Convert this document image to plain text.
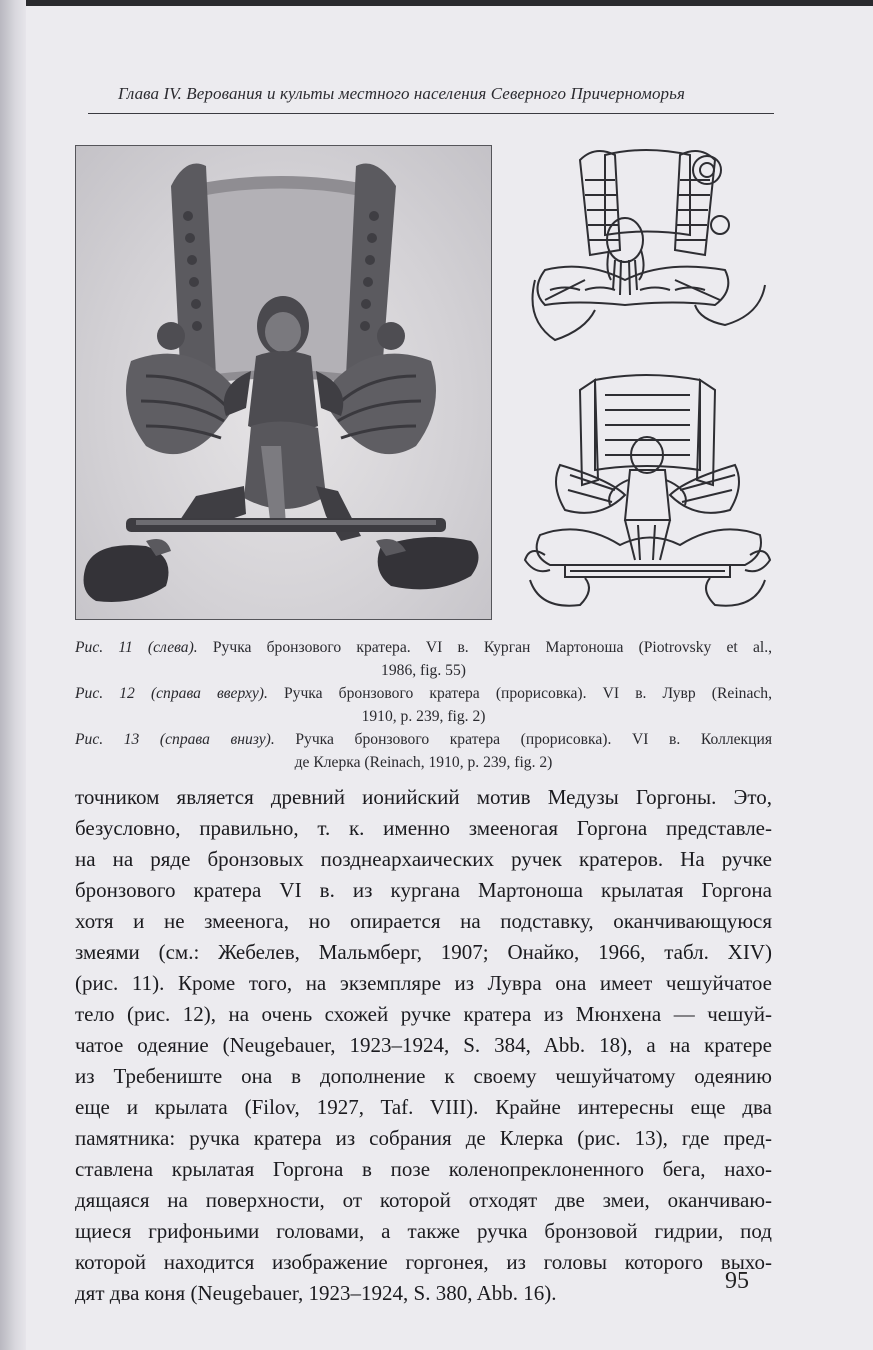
Глава IV. Верования и культы местного населения Северного Причерноморья
Рис. 11 (слева). Ручка бронзового кратера. VI в. Курган Мартоноша (Piotrovsky et al.,
1986, fig. 55)
Рис. 12 (справа вверху). Ручка бронзового кратера (прорисовка). VI в. Лувр (Reinach,
1910, p. 239, fig. 2)
Рис. 13 (справа внизу). Ручка бронзового кратера (прорисовка). VI в. Коллекция
де Клерка (Reinach, 1910, p. 239, fig. 2)
точником является древний ионийский мотив Медузы Горгоны. Это,
безусловно, правильно, т. к. именно змееногая Горгона представле-
на на ряде бронзовых позднеархаических ручек кратеров. На ручке
бронзового кратера VI в. из кургана Мартоноша крылатая Горгона
хотя и не змееногa, но опирается на подставку, оканчивающуюся
змеями (см.: Жебелев, Мальмберг, 1907; Онайко, 1966, табл. XIV)
(рис. 11). Кроме того, на экземпляре из Лувра она имеет чешуйчатое
тело (рис. 12), на очень схожей ручке кратера из Мюнхена — чешуй-
чатое одеяние (Neugebauer, 1923–1924, S. 384, Abb. 18), а на кратере
из Требениште она в дополнение к своему чешуйчатому одеянию
еще и крылата (Filov, 1927, Taf. VIII). Крайне интересны еще два
памятника: ручка кратера из собрания де Клерка (рис. 13), где пред-
ставлена крылатая Горгона в позе коленопреклоненного бега, нахо-
дящаяся на поверхности, от которой отходят две змеи, оканчиваю-
щиеся грифоньими головами, а также ручка бронзовой гидрии, под
которой находится изображение горгонея, из головы которого выхо-
дят два коня (Neugebauer, 1923–1924, S. 380, Abb. 16).	95
